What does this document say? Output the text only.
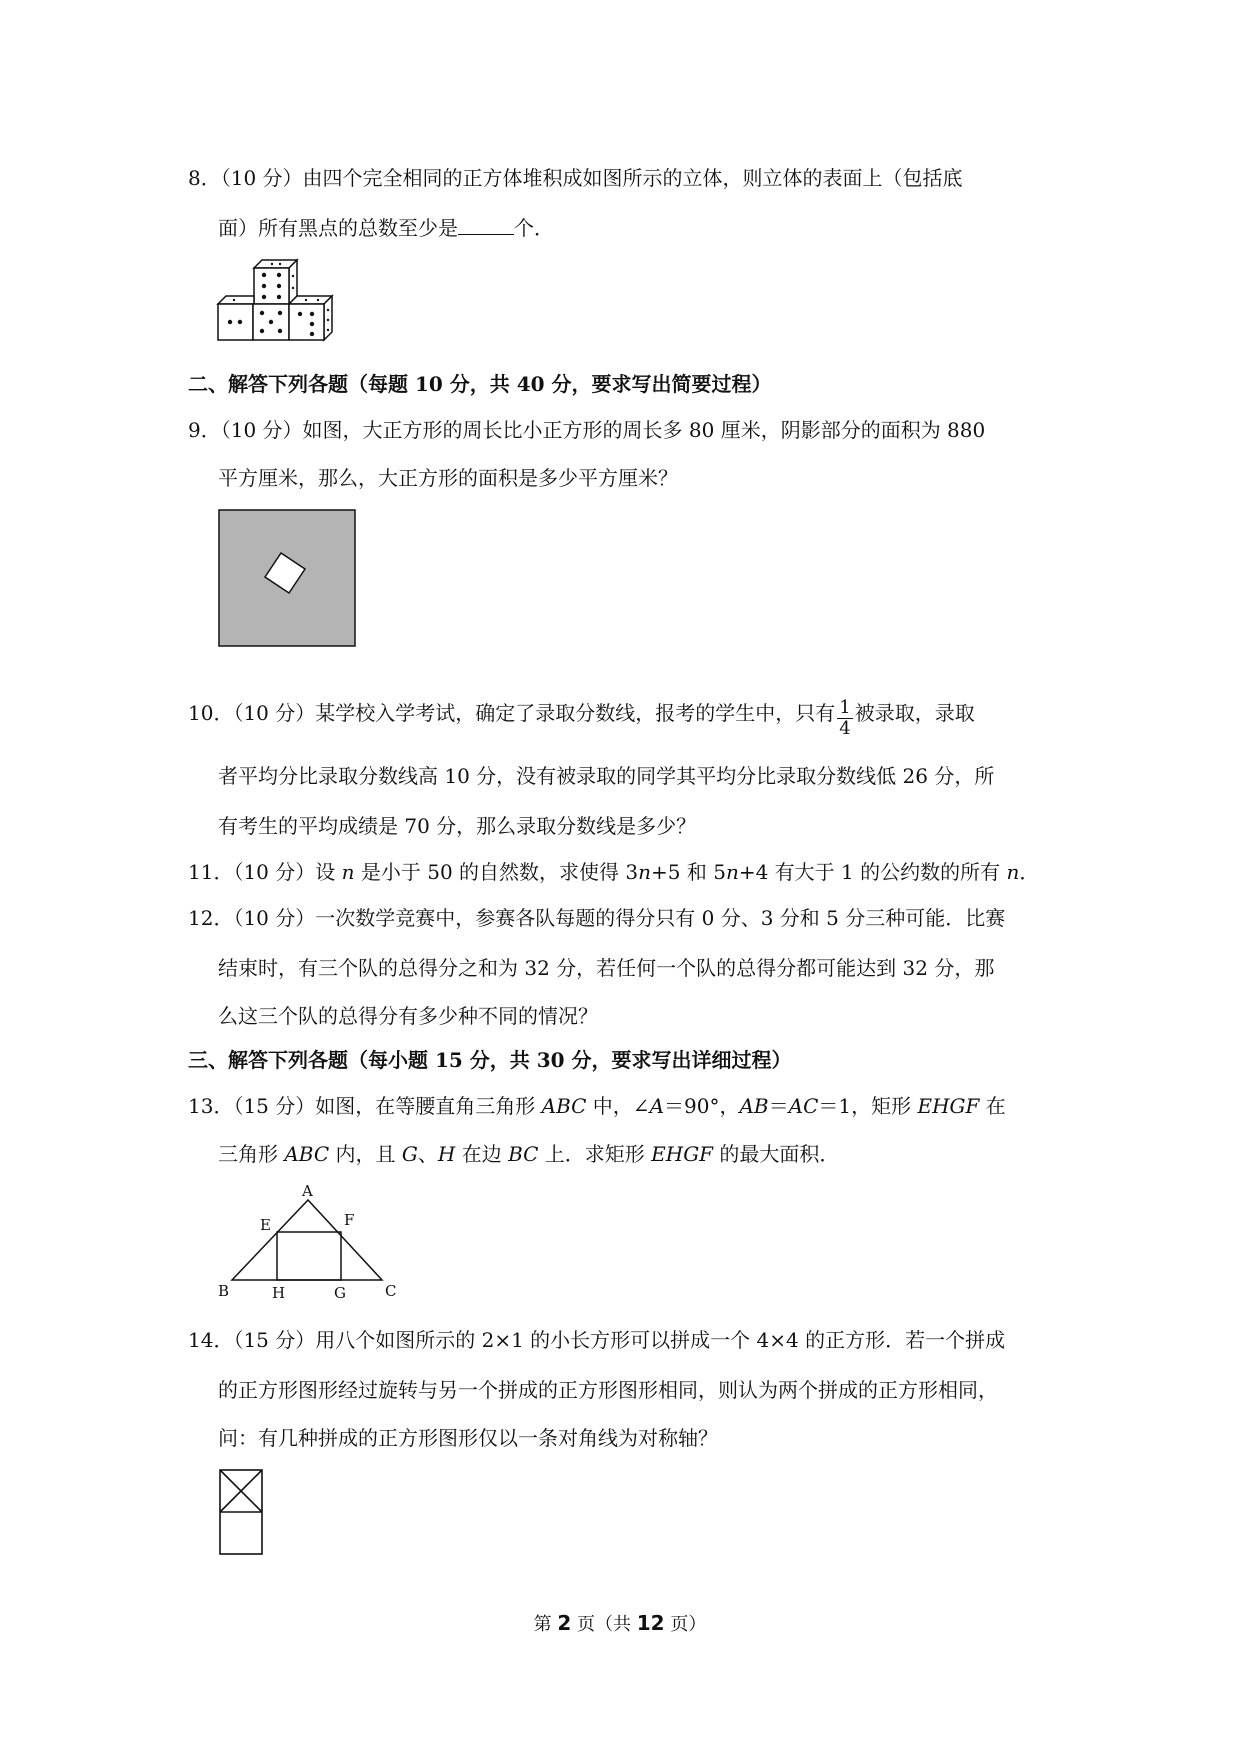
8．（10 分）由四个完全相同的正方体堆积成如图所示的立体，则立体的表面上（包括底
面）所有黑点的总数至少是	个．
二、解答下列各题（每题 10 分，共 40 分，要求写出简要过程）
9．（10 分）如图，大正方形的周长比小正方形的周长多 80 厘米，阴影部分的面积为 880
平方厘米，那么，大正方形的面积是多少平方厘米？
10．（10 分）某学校入学考试，确定了录取分数线，报考的学生中，只有 $\frac{1}{4}$ 被录取，录取
者平均分比录取分数线高 10 分，没有被录取的同学其平均分比录取分数线低 26 分，所
有考生的平均成绩是 70 分，那么录取分数线是多少？
11．（10 分）设 n 是小于 50 的自然数，求使得 3n+5 和 5n+4 有大于 1 的公约数的所有 n．
12．（10 分）一次数学竞赛中，参赛各队每题的得分只有 0 分、3 分和 5 分三种可能．比赛
结束时，有三个队的总得分之和为 32 分，若任何一个队的总得分都可能达到 32 分，那
么这三个队的总得分有多少种不同的情况？
三、解答下列各题（每小题 15 分，共 30 分，要求写出详细过程）
13．（15 分）如图，在等腰直角三角形 ABC 中，∠A＝90°，AB＝AC＝1，矩形 EHGF 在
三角形 ABC 内，且 G、H 在边 BC 上．求矩形 EHGF 的最大面积．
A
B	C
E	F
G
H
14．（15 分）用八个如图所示的 2×1 的小长方形可以拼成一个 4×4 的正方形．若一个拼成
的正方形图形经过旋转与另一个拼成的正方形图形相同，则认为两个拼成的正方形相同，
问：有几种拼成的正方形图形仅以一条对角线为对称轴？
第 2 页（共 12 页）
